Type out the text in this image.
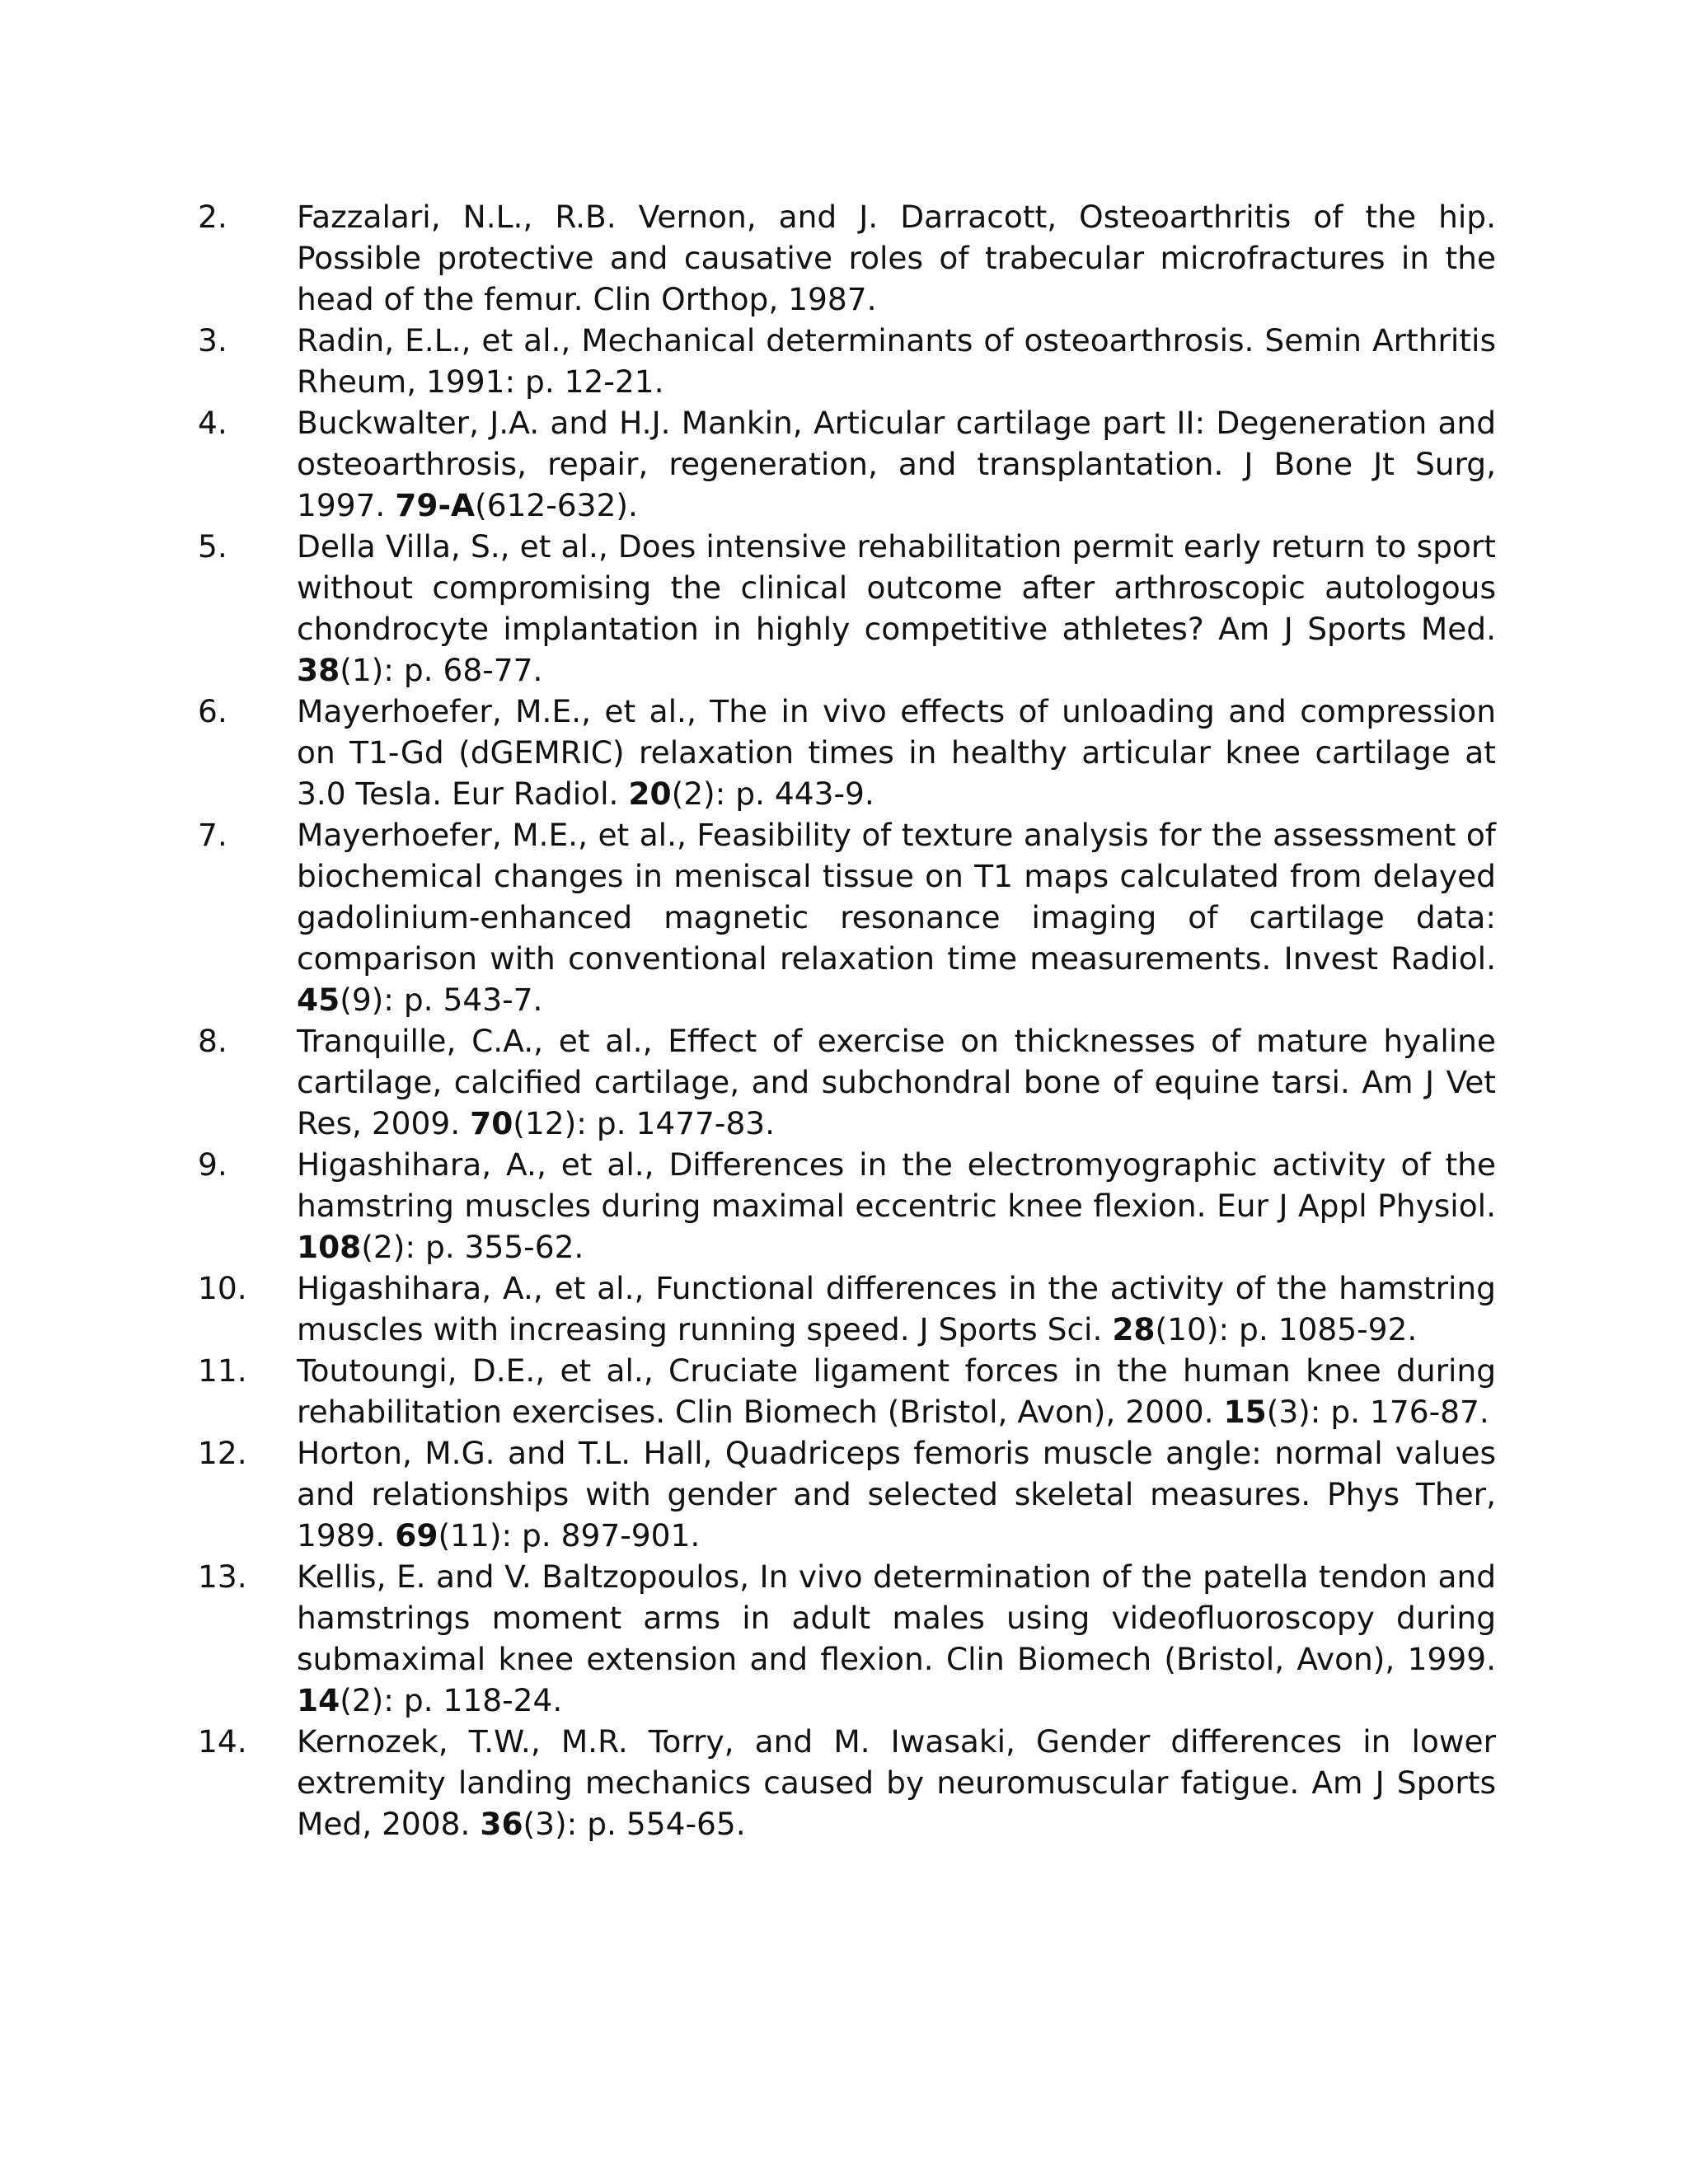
2.	Fazzalari, N.L., R.B. Vernon, and J. Darracott, Osteoarthritis of the hip. Possible protective and causative roles of trabecular microfractures in the head of the femur. Clin Orthop, 1987.
3.	Radin, E.L., et al., Mechanical determinants of osteoarthrosis. Semin Arthritis Rheum, 1991: p. 12-21.
4.	Buckwalter, J.A. and H.J. Mankin, Articular cartilage part II: Degeneration and osteoarthrosis, repair, regeneration, and transplantation. J Bone Jt Surg, 1997. 79-A(612-632).
5.	Della Villa, S., et al., Does intensive rehabilitation permit early return to sport without compromising the clinical outcome after arthroscopic autologous chondrocyte implantation in highly competitive athletes? Am J Sports Med. 38(1): p. 68-77.
6.	Mayerhoefer, M.E., et al., The in vivo effects of unloading and compression on T1-Gd (dGEMRIC) relaxation times in healthy articular knee cartilage at 3.0 Tesla. Eur Radiol. 20(2): p. 443-9.
7.	Mayerhoefer, M.E., et al., Feasibility of texture analysis for the assessment of biochemical changes in meniscal tissue on T1 maps calculated from delayed gadolinium-enhanced magnetic resonance imaging of cartilage data: comparison with conventional relaxation time measurements. Invest Radiol. 45(9): p. 543-7.
8.	Tranquille, C.A., et al., Effect of exercise on thicknesses of mature hyaline cartilage, calcified cartilage, and subchondral bone of equine tarsi. Am J Vet Res, 2009. 70(12): p. 1477-83.
9.	Higashihara, A., et al., Differences in the electromyographic activity of the hamstring muscles during maximal eccentric knee flexion. Eur J Appl Physiol. 108(2): p. 355-62.
10.	Higashihara, A., et al., Functional differences in the activity of the hamstring muscles with increasing running speed. J Sports Sci. 28(10): p. 1085-92.
11.	Toutoungi, D.E., et al., Cruciate ligament forces in the human knee during rehabilitation exercises. Clin Biomech (Bristol, Avon), 2000. 15(3): p. 176-87.
12.	Horton, M.G. and T.L. Hall, Quadriceps femoris muscle angle: normal values and relationships with gender and selected skeletal measures. Phys Ther, 1989. 69(11): p. 897-901.
13.	Kellis, E. and V. Baltzopoulos, In vivo determination of the patella tendon and hamstrings moment arms in adult males using videofluoroscopy during submaximal knee extension and flexion. Clin Biomech (Bristol, Avon), 1999. 14(2): p. 118-24.
14.	Kernozek, T.W., M.R. Torry, and M. Iwasaki, Gender differences in lower extremity landing mechanics caused by neuromuscular fatigue. Am J Sports Med, 2008. 36(3): p. 554-65.
